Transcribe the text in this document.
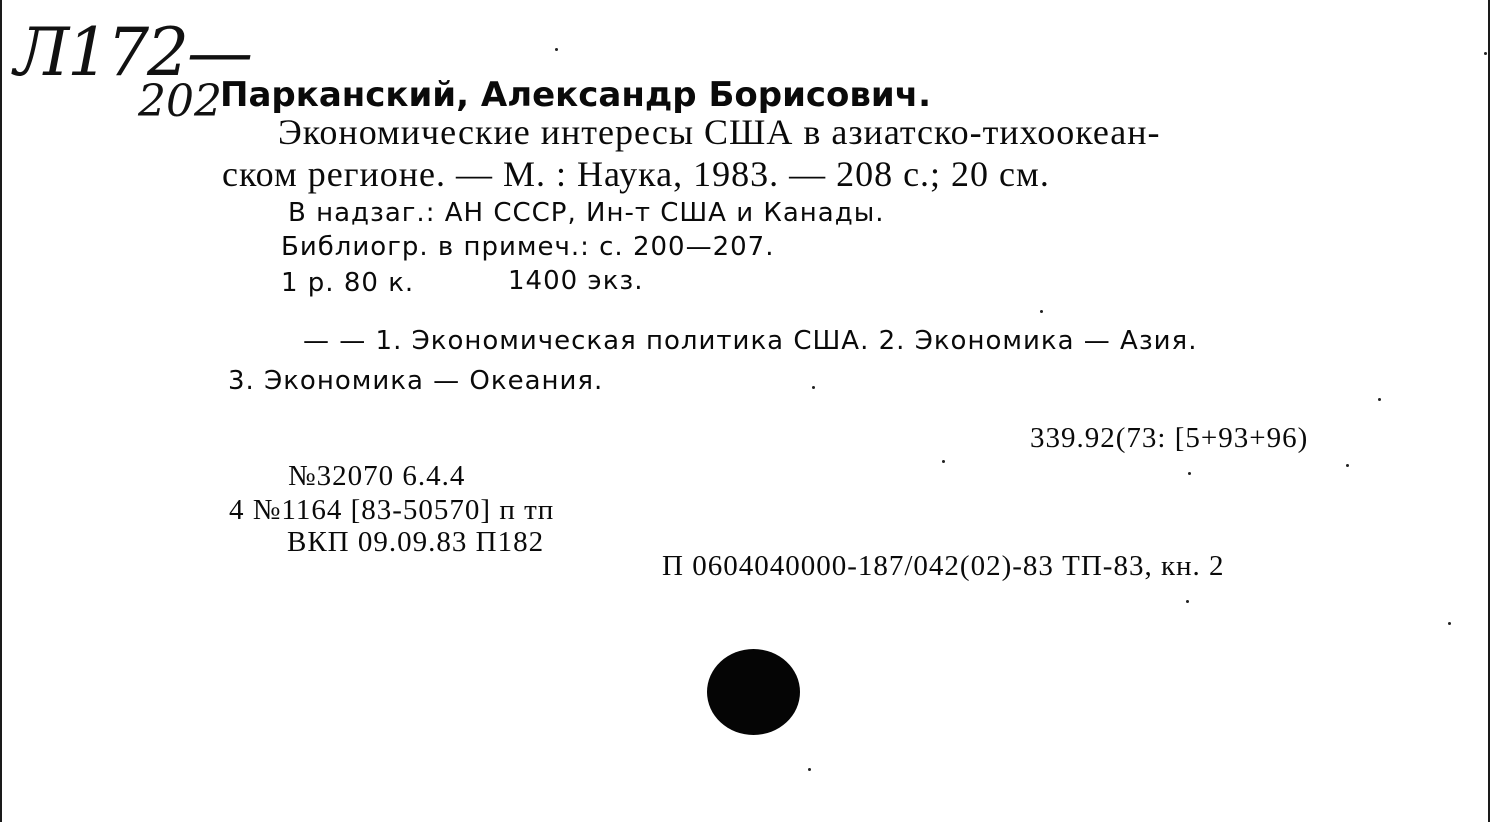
Л172—
202
Парканский, Александр Борисович.
Экономические интересы США в азиатско-тихоокеан-
ском регионе. — М. : Наука, 1983. — 208 с.; 20 см.
В надзаг.: АН СССР, Ин-т США и Канады.
Библиогр. в примеч.: с. 200—207.
1 р. 80 к.	1400 экз.
— — 1. Экономическая политика США. 2. Экономика — Азия.
3. Экономика — Океания.
339.92(73: [5+93+96)
№32070 6.4.4
4 №1164 [83-50570] п тп
ВКП 09.09.83 П182
П 0604040000-187/042(02)-83 ТП-83, кн. 2
